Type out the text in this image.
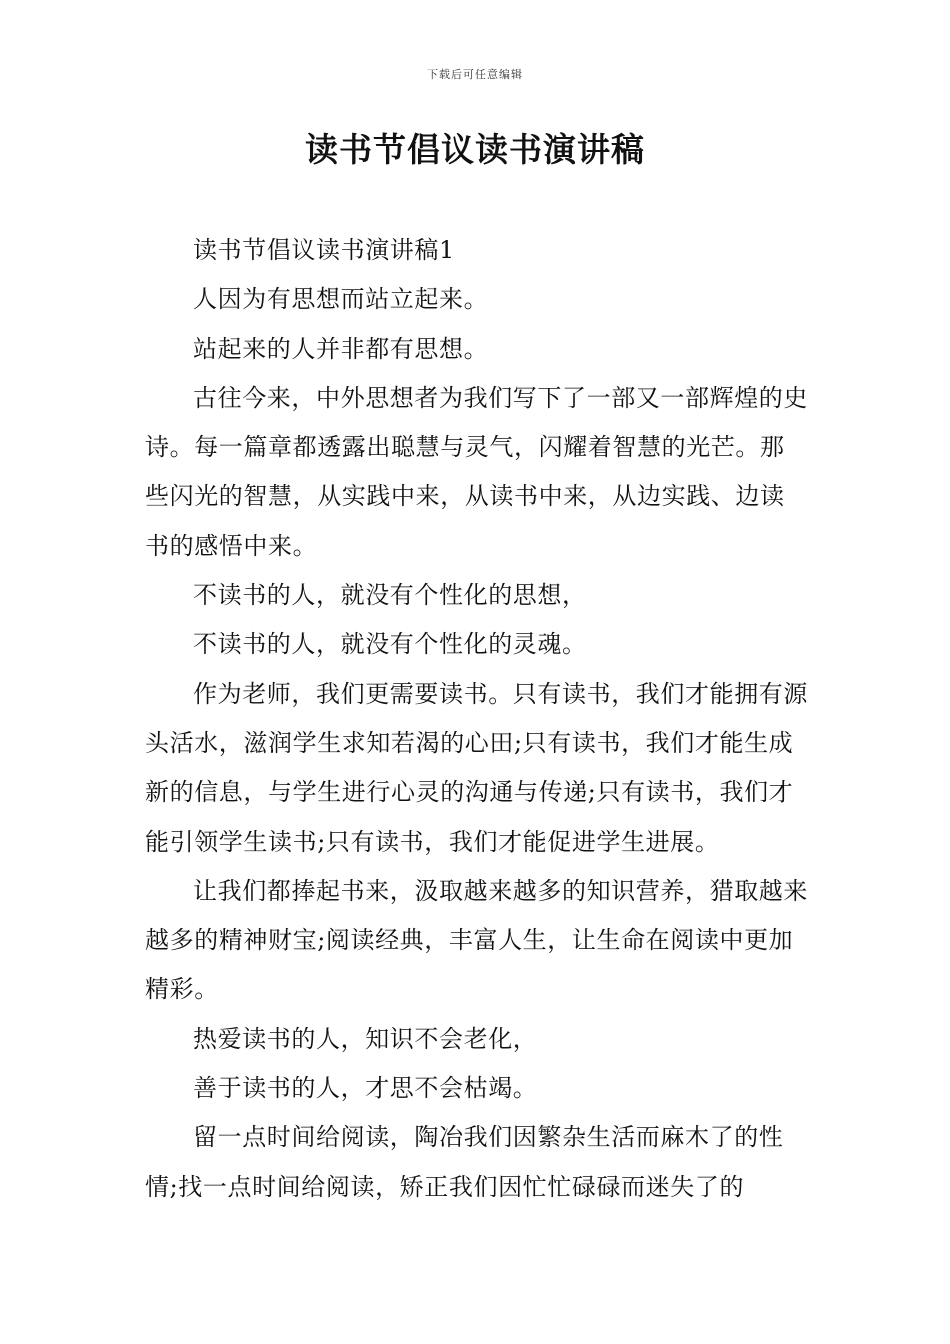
下载后可任意编辑
读书节倡议读书演讲稿

读书节倡议读书演讲稿1

人因为有思想而站立起来。

站起来的人并非都有思想。

古往今来，中外思想者为我们写下了一部又一部辉煌的史诗。每一篇章都透露出聪慧与灵气，闪耀着智慧的光芒。那些闪光的智慧，从实践中来，从读书中来，从边实践、边读书的感悟中来。

不读书的人，就没有个性化的思想，

不读书的人，就没有个性化的灵魂。

作为老师，我们更需要读书。只有读书，我们才能拥有源头活水，滋润学生求知若渴的心田;只有读书，我们才能生成新的信息，与学生进行心灵的沟通与传递;只有读书，我们才能引领学生读书;只有读书，我们才能促进学生进展。

让我们都捧起书来，汲取越来越多的知识营养，猎取越来越多的精神财宝;阅读经典，丰富人生，让生命在阅读中更加精彩。

热爱读书的人，知识不会老化，

善于读书的人，才思不会枯竭。

留一点时间给阅读，陶冶我们因繁杂生活而麻木了的性情;找一点时间给阅读，矫正我们因忙忙碌碌而迷失了的
